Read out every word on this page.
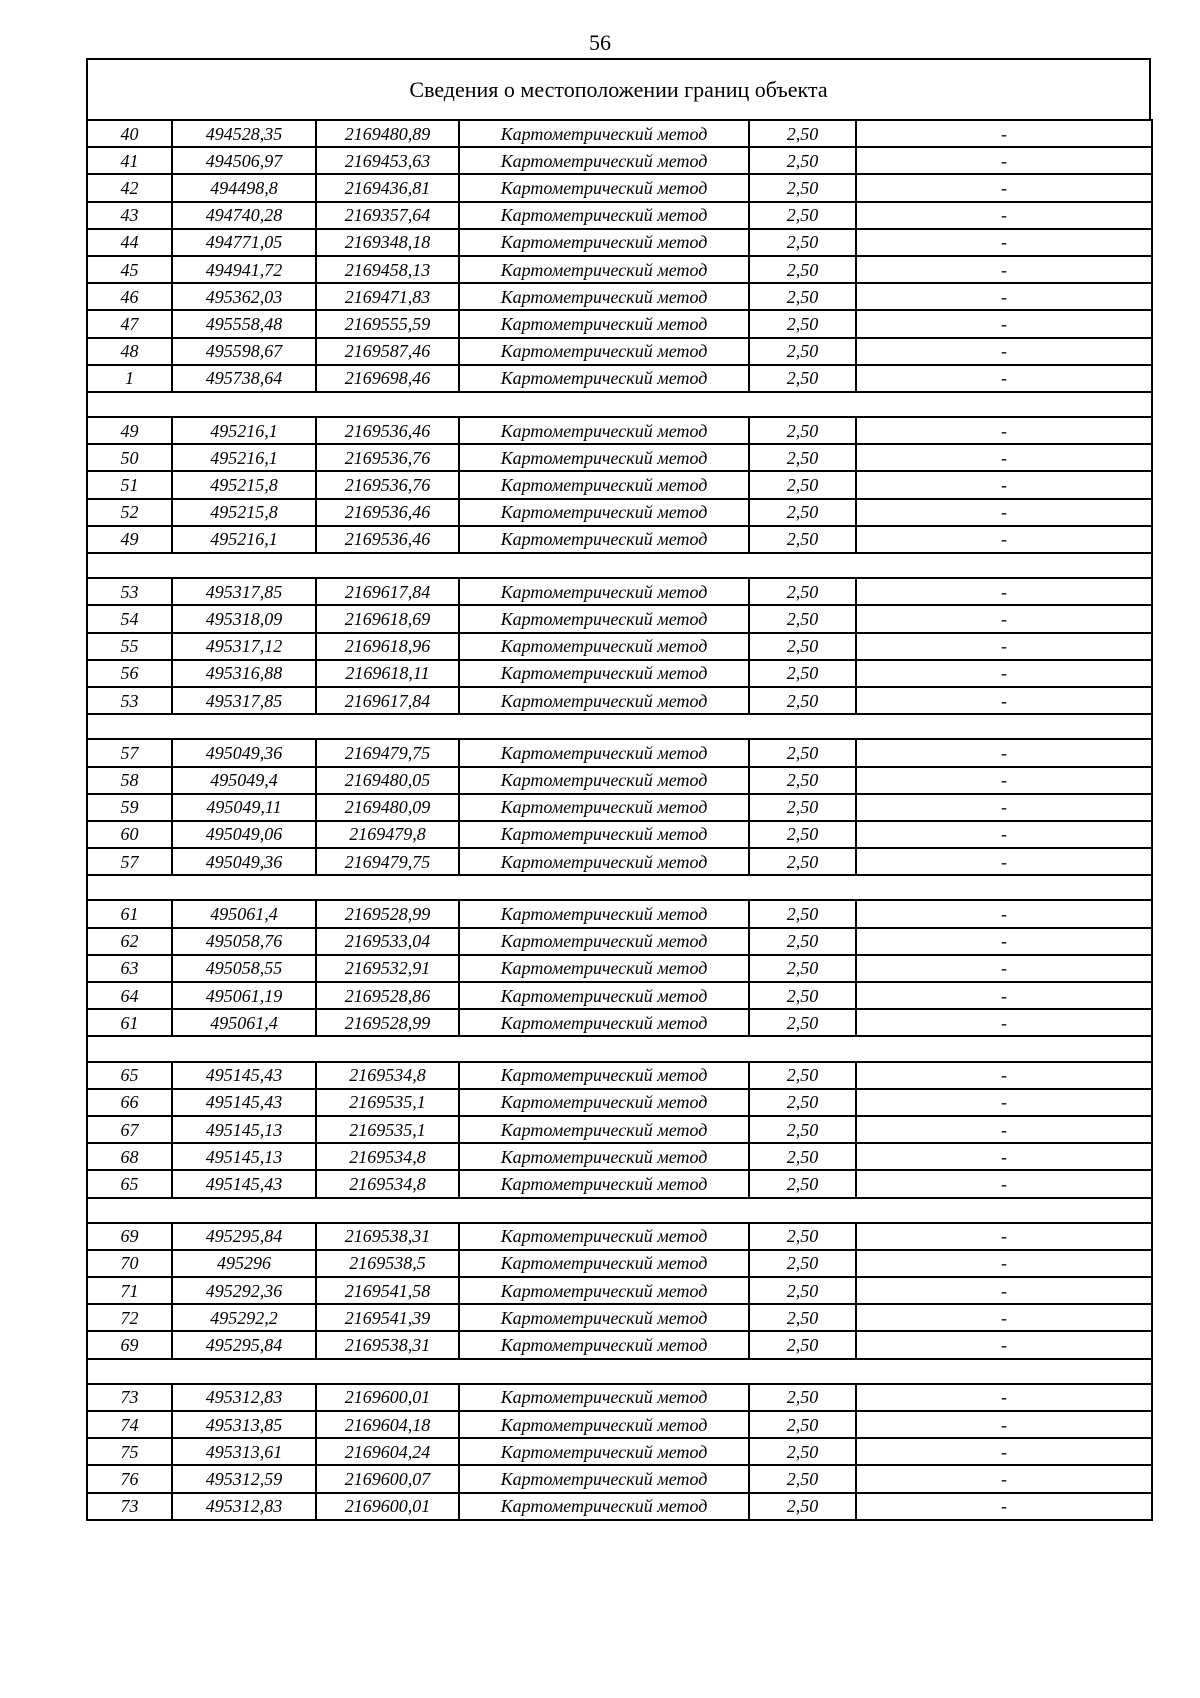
56
Сведения о местоположении границ объекта
40	494528,35	2169480,89	Картометрический метод	2,50	-
41	494506,97	2169453,63	Картометрический метод	2,50	-
42	494498,8	2169436,81	Картометрический метод	2,50	-
43	494740,28	2169357,64	Картометрический метод	2,50	-
44	494771,05	2169348,18	Картометрический метод	2,50	-
45	494941,72	2169458,13	Картометрический метод	2,50	-
46	495362,03	2169471,83	Картометрический метод	2,50	-
47	495558,48	2169555,59	Картометрический метод	2,50	-
48	495598,67	2169587,46	Картометрический метод	2,50	-
1	495738,64	2169698,46	Картометрический метод	2,50	-

49	495216,1	2169536,46	Картометрический метод	2,50	-
50	495216,1	2169536,76	Картометрический метод	2,50	-
51	495215,8	2169536,76	Картометрический метод	2,50	-
52	495215,8	2169536,46	Картометрический метод	2,50	-
49	495216,1	2169536,46	Картометрический метод	2,50	-

53	495317,85	2169617,84	Картометрический метод	2,50	-
54	495318,09	2169618,69	Картометрический метод	2,50	-
55	495317,12	2169618,96	Картометрический метод	2,50	-
56	495316,88	2169618,11	Картометрический метод	2,50	-
53	495317,85	2169617,84	Картометрический метод	2,50	-

57	495049,36	2169479,75	Картометрический метод	2,50	-
58	495049,4	2169480,05	Картометрический метод	2,50	-
59	495049,11	2169480,09	Картометрический метод	2,50	-
60	495049,06	2169479,8	Картометрический метод	2,50	-
57	495049,36	2169479,75	Картометрический метод	2,50	-

61	495061,4	2169528,99	Картометрический метод	2,50	-
62	495058,76	2169533,04	Картометрический метод	2,50	-
63	495058,55	2169532,91	Картометрический метод	2,50	-
64	495061,19	2169528,86	Картометрический метод	2,50	-
61	495061,4	2169528,99	Картометрический метод	2,50	-

65	495145,43	2169534,8	Картометрический метод	2,50	-
66	495145,43	2169535,1	Картометрический метод	2,50	-
67	495145,13	2169535,1	Картометрический метод	2,50	-
68	495145,13	2169534,8	Картометрический метод	2,50	-
65	495145,43	2169534,8	Картометрический метод	2,50	-

69	495295,84	2169538,31	Картометрический метод	2,50	-
70	495296	2169538,5	Картометрический метод	2,50	-
71	495292,36	2169541,58	Картометрический метод	2,50	-
72	495292,2	2169541,39	Картометрический метод	2,50	-
69	495295,84	2169538,31	Картометрический метод	2,50	-

73	495312,83	2169600,01	Картометрический метод	2,50	-
74	495313,85	2169604,18	Картометрический метод	2,50	-
75	495313,61	2169604,24	Картометрический метод	2,50	-
76	495312,59	2169600,07	Картометрический метод	2,50	-
73	495312,83	2169600,01	Картометрический метод	2,50	-
